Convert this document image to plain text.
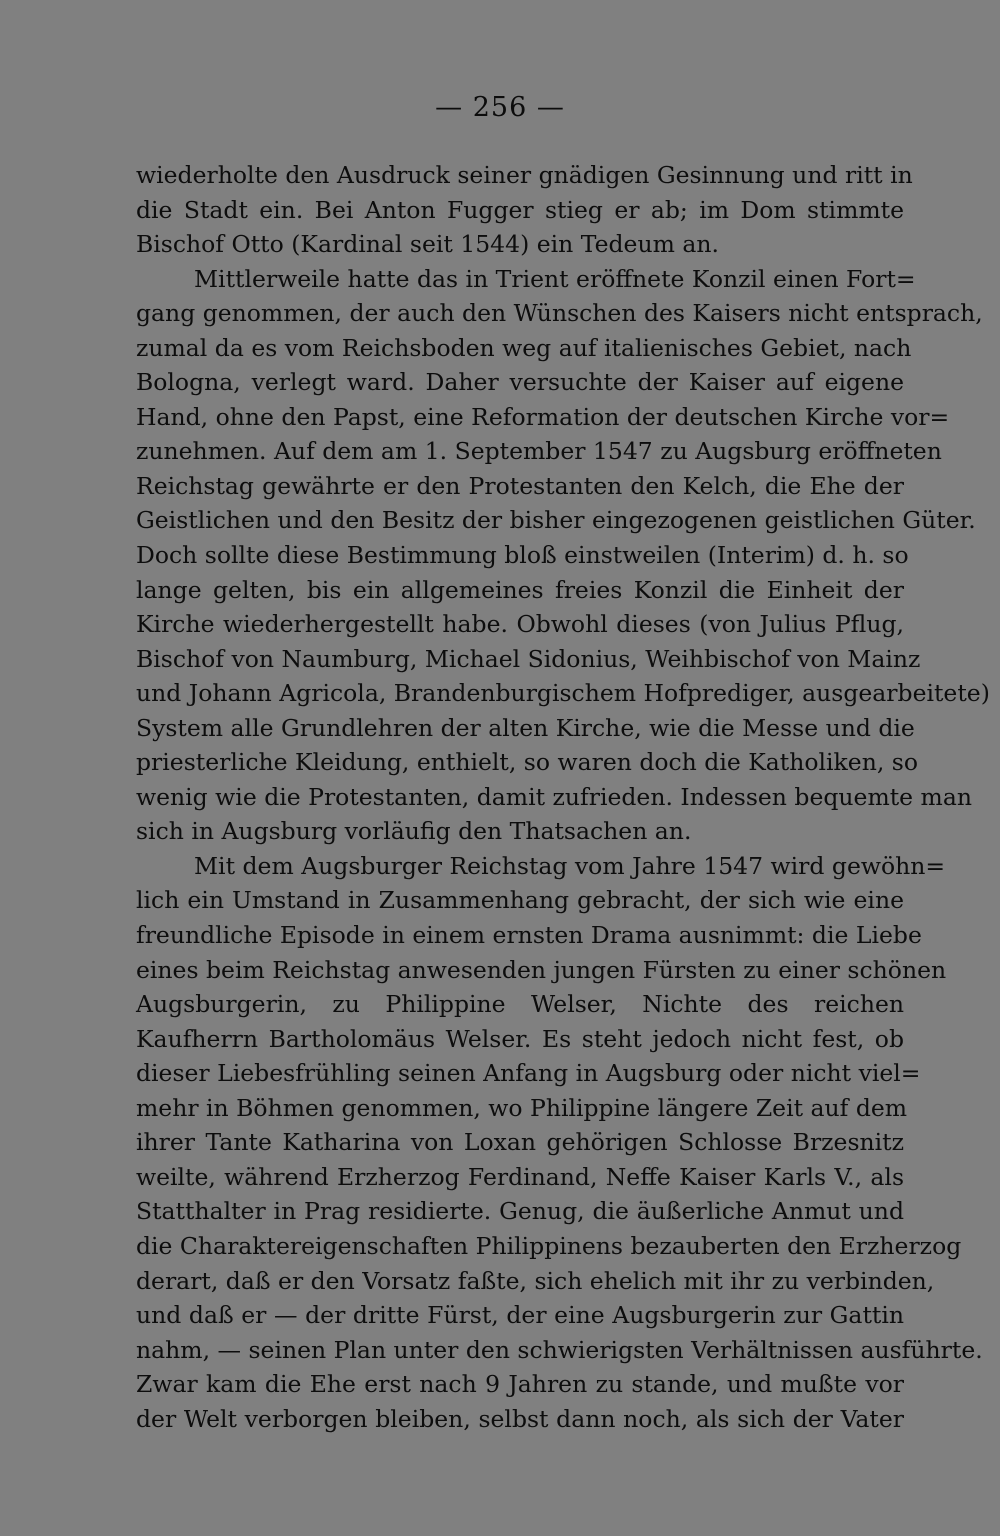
— 256 —
wiederholte den Ausdruck seiner gnädigen Gesinnung und ritt in
die Stadt ein. Bei Anton Fugger stieg er ab; im Dom stimmte
Bischof Otto (Kardinal seit 1544) ein Tedeum an.
Mittlerweile hatte das in Trient eröffnete Konzil einen Fort=
gang genommen, der auch den Wünschen des Kaisers nicht entsprach,
zumal da es vom Reichsboden weg auf italienisches Gebiet, nach
Bologna, verlegt ward. Daher versuchte der Kaiser auf eigene
Hand, ohne den Papst, eine Reformation der deutschen Kirche vor=
zunehmen. Auf dem am 1. September 1547 zu Augsburg eröffneten
Reichstag gewährte er den Protestanten den Kelch, die Ehe der
Geistlichen und den Besitz der bisher eingezogenen geistlichen Güter.
Doch sollte diese Bestimmung bloß einstweilen (Interim) d. h. so
lange gelten, bis ein allgemeines freies Konzil die Einheit der
Kirche wiederhergestellt habe. Obwohl dieses (von Julius Pflug,
Bischof von Naumburg, Michael Sidonius, Weihbischof von Mainz
und Johann Agricola, Brandenburgischem Hofprediger, ausgearbeitete)
System alle Grundlehren der alten Kirche, wie die Messe und die
priesterliche Kleidung, enthielt, so waren doch die Katholiken, so
wenig wie die Protestanten, damit zufrieden. Indessen bequemte man
sich in Augsburg vorläufig den Thatsachen an.
Mit dem Augsburger Reichstag vom Jahre 1547 wird gewöhn=
lich ein Umstand in Zusammenhang gebracht, der sich wie eine
freundliche Episode in einem ernsten Drama ausnimmt: die Liebe
eines beim Reichstag anwesenden jungen Fürsten zu einer schönen
Augsburgerin, zu Philippine Welser, Nichte des reichen
Kaufherrn Bartholomäus Welser. Es steht jedoch nicht fest, ob
dieser Liebesfrühling seinen Anfang in Augsburg oder nicht viel=
mehr in Böhmen genommen, wo Philippine längere Zeit auf dem
ihrer Tante Katharina von Loxan gehörigen Schlosse Brzesnitz
weilte, während Erzherzog Ferdinand, Neffe Kaiser Karls V., als
Statthalter in Prag residierte. Genug, die äußerliche Anmut und
die Charaktereigenschaften Philippinens bezauberten den Erzherzog
derart, daß er den Vorsatz faßte, sich ehelich mit ihr zu verbinden,
und daß er — der dritte Fürst, der eine Augsburgerin zur Gattin
nahm, — seinen Plan unter den schwierigsten Verhältnissen ausführte.
Zwar kam die Ehe erst nach 9 Jahren zu stande, und mußte vor
der Welt verborgen bleiben, selbst dann noch, als sich der Vater
